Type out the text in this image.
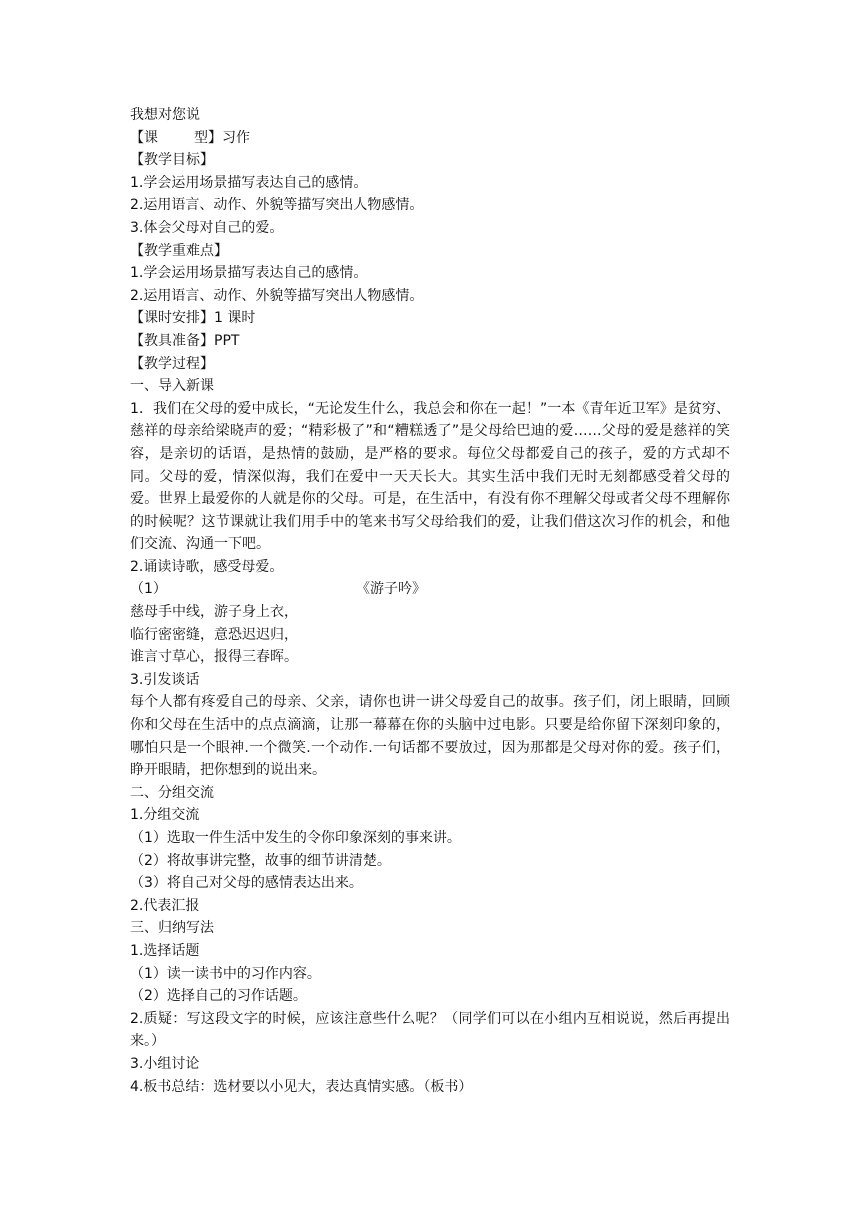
我想对您说
【课	型】习作
【教学目标】
1.学会运用场景描写表达自己的感情。
2.运用语言、动作、外貌等描写突出人物感情。
3.体会父母对自己的爱。
【教学重难点】
1.学会运用场景描写表达自己的感情。
2.运用语言、动作、外貌等描写突出人物感情。
【课时安排】1 课时
【教具准备】PPT
【教学过程】
一、导入新课
1．我们在父母的爱中成长，“无论发生什么，我总会和你在一起！”一本《青年近卫军》是贫穷、慈祥的母亲给梁晓声的爱；“精彩极了”和“糟糕透了”是父母给巴迪的爱……父母的爱是慈祥的笑容，是亲切的话语，是热情的鼓励，是严格的要求。每位父母都爱自己的孩子，爱的方式却不同。父母的爱，情深似海，我们在爱中一天天长大。其实生活中我们无时无刻都感受着父母的爱。世界上最爱你的人就是你的父母。可是，在生活中，有没有你不理解父母或者父母不理解你的时候呢？这节课就让我们用手中的笔来书写父母给我们的爱，让我们借这次习作的机会，和他们交流、沟通一下吧。
2.诵读诗歌，感受母爱。
（1）	《游子吟》
慈母手中线，游子身上衣，
临行密密缝，意恐迟迟归，
谁言寸草心，报得三春晖。
3.引发谈话
每个人都有疼爱自己的母亲、父亲，请你也讲一讲父母爱自己的故事。孩子们，闭上眼睛，回顾你和父母在生活中的点点滴滴，让那一幕幕在你的头脑中过电影。只要是给你留下深刻印象的，哪怕只是一个眼神.一个微笑.一个动作.一句话都不要放过，因为那都是父母对你的爱。孩子们，睁开眼睛，把你想到的说出来。
二、分组交流
1.分组交流
（1）选取一件生活中发生的令你印象深刻的事来讲。
（2）将故事讲完整，故事的细节讲清楚。
（3）将自己对父母的感情表达出来。
2.代表汇报
三、归纳写法
1.选择话题
（1）读一读书中的习作内容。
（2）选择自己的习作话题。
2.质疑：写这段文字的时候，应该注意些什么呢？（同学们可以在小组内互相说说，然后再提出来。）
3.小组讨论
4.板书总结：选材要以小见大，表达真情实感。（板书）
